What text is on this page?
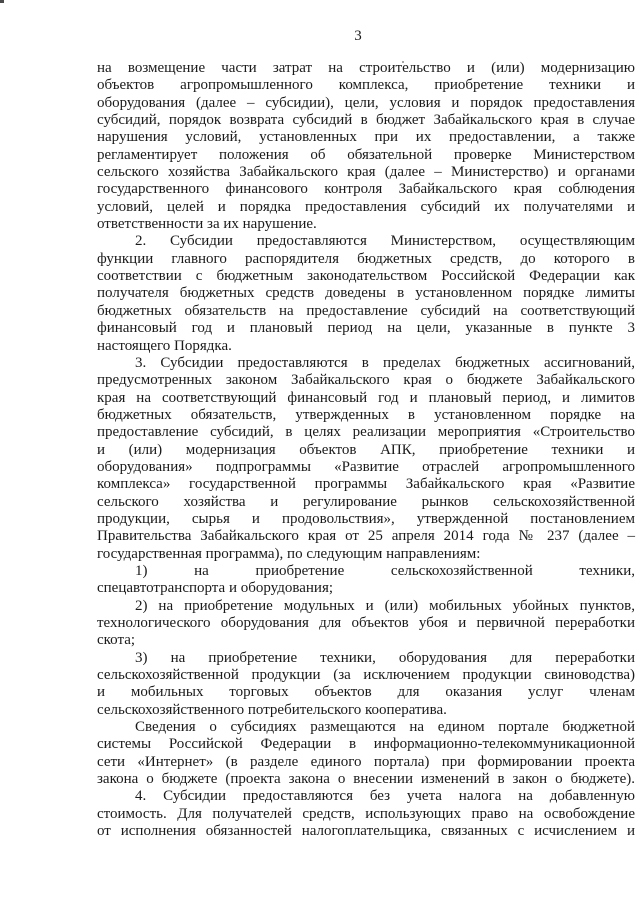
3
на возмещение части затрат на строительство и (или) модернизацию
объектов агропромышленного комплекса, приобретение техники и
оборудования (далее – субсидии), цели, условия и порядок предоставления
субсидий, порядок возврата субсидий в бюджет Забайкальского края в случае
нарушения условий, установленных при их предоставлении, а также
регламентирует положения об обязательной проверке Министерством
сельского хозяйства Забайкальского края (далее – Министерство) и органами
государственного финансового контроля Забайкальского края соблюдения
условий, целей и порядка предоставления субсидий их получателями и
ответственности за их нарушение.
2. Субсидии предоставляются Министерством, осуществляющим
функции главного распорядителя бюджетных средств, до которого в
соответствии с бюджетным законодательством Российской Федерации как
получателя бюджетных средств доведены в установленном порядке лимиты
бюджетных обязательств на предоставление субсидий на соответствующий
финансовый год и плановый период на цели, указанные в пункте 3
настоящего Порядка.
3. Субсидии предоставляются в пределах бюджетных ассигнований,
предусмотренных законом Забайкальского края о бюджете Забайкальского
края на соответствующий финансовый год и плановый период, и лимитов
бюджетных обязательств, утвержденных в установленном порядке на
предоставление субсидий, в целях реализации мероприятия «Строительство
и (или) модернизация объектов АПК, приобретение техники и
оборудования» подпрограммы «Развитие отраслей агропромышленного
комплекса» государственной программы Забайкальского края «Развитие
сельского хозяйства и регулирование рынков сельскохозяйственной
продукции, сырья и продовольствия», утвержденной постановлением
Правительства Забайкальского края от 25 апреля 2014 года № 237 (далее –
государственная программа), по следующим направлениям:
1) на приобретение сельскохозяйственной техники,
спецавтотранспорта и оборудования;
2) на приобретение модульных и (или) мобильных убойных пунктов,
технологического оборудования для объектов убоя и первичной переработки
скота;
3) на приобретение техники, оборудования для переработки
сельскохозяйственной продукции (за исключением продукции свиноводства)
и мобильных торговых объектов для оказания услуг членам
сельскохозяйственного потребительского кооператива.
Сведения о субсидиях размещаются на едином портале бюджетной
системы Российской Федерации в информационно-телекоммуникационной
сети «Интернет» (в разделе единого портала) при формировании проекта
закона о бюджете (проекта закона о внесении изменений в закон о бюджете).
4. Субсидии предоставляются без учета налога на добавленную
стоимость. Для получателей средств, использующих право на освобождение
от исполнения обязанностей налогоплательщика, связанных с исчислением и
